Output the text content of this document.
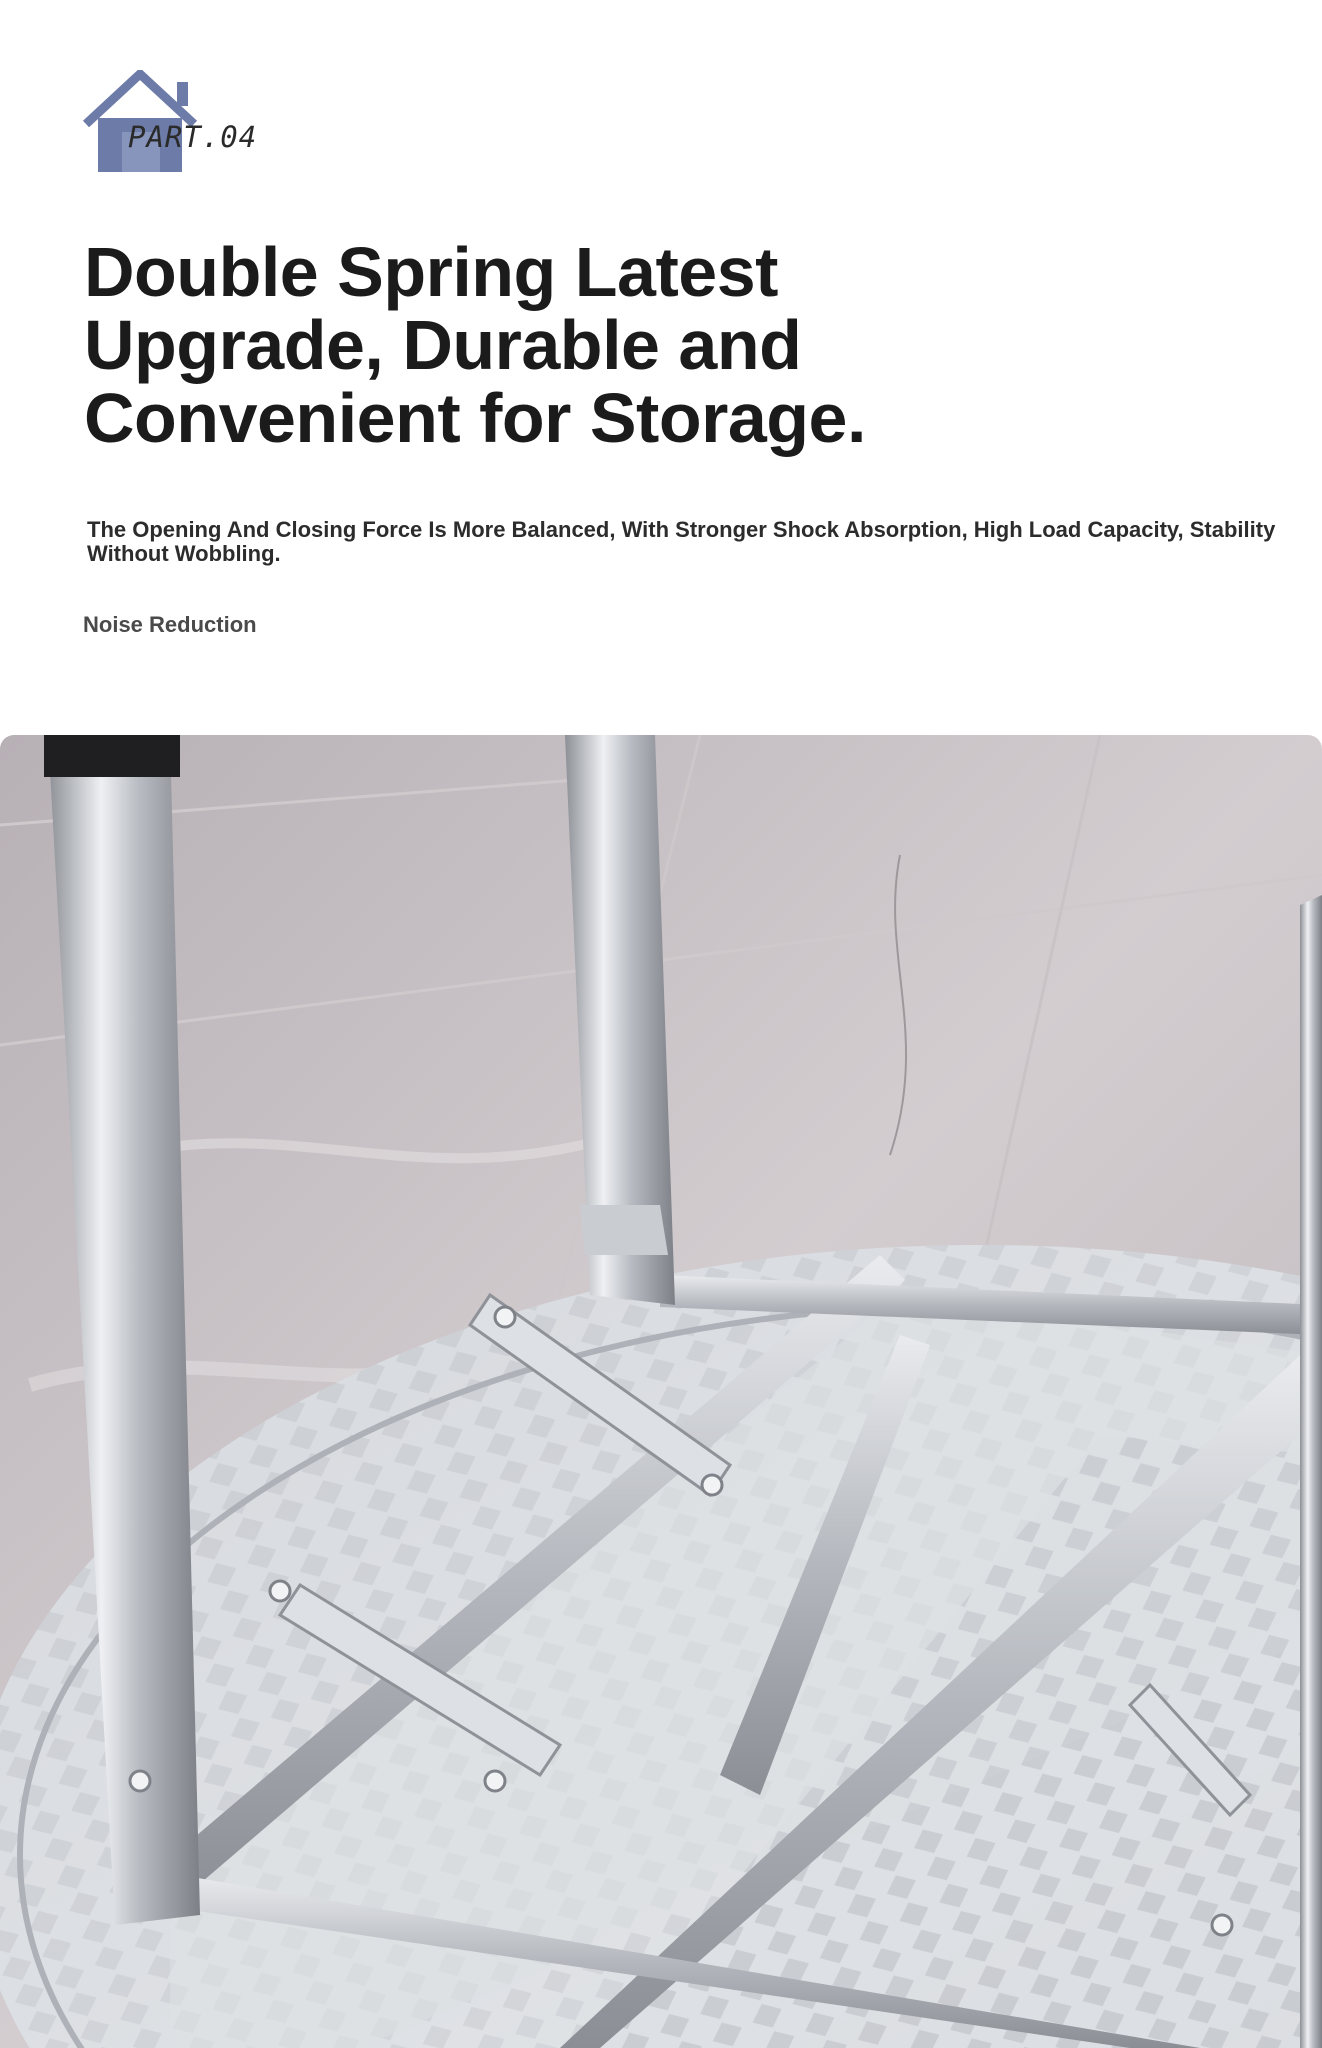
PART.04
Double Spring Latest Upgrade, Durable and Convenient for Storage.

The Opening And Closing Force Is More Balanced, With Stronger Shock Absorption, High Load Capacity, Stability Without Wobbling.

Noise Reduction
